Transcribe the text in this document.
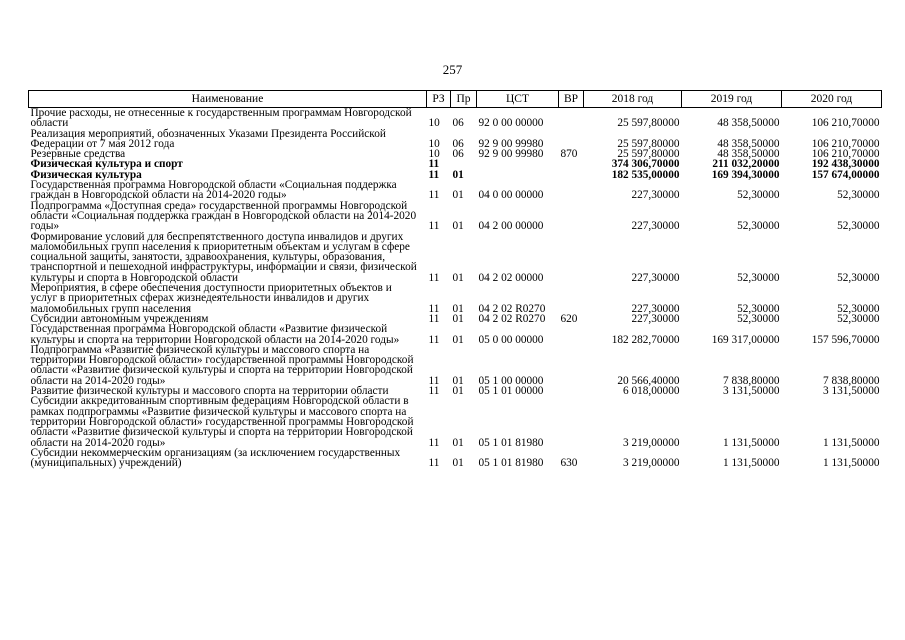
257
Наименование	РЗ	Пр	ЦСТ	ВР	2018 год	2019 год	2020 год
Прочие расходы, не отнесенные к государственным программам Новгородской области	10	06	92 0 00 00000		25 597,80000	48 358,50000	106 210,70000
Реализация мероприятий, обозначенных Указами Президента Российской Федерации от 7 мая 2012 года	10	06	92 9 00 99980		25 597,80000	48 358,50000	106 210,70000
Резервные средства	10	06	92 9 00 99980	870	25 597,80000	48 358,50000	106 210,70000
Физическая культура и спорт	11				374 306,70000	211 032,20000	192 438,30000
Физическая культура	11	01			182 535,00000	169 394,30000	157 674,00000
Государственная программа Новгородской области «Социальная поддержка граждан в Новгородской области на 2014-2020 годы»	11	01	04 0 00 00000		227,30000	52,30000	52,30000
Подпрограмма «Доступная среда» государственной программы Новгородской области «Социальная поддержка граждан в Новгородской области на 2014-2020 годы»	11	01	04 2 00 00000		227,30000	52,30000	52,30000
Формирование условий для беспрепятственного доступа инвалидов и других маломобильных групп населения к приоритетным объектам и услугам в сфере социальной защиты, занятости, здравоохранения, культуры, образования, транспортной и пешеходной инфраструктуры, информации и связи, физической культуры и спорта в Новгородской области	11	01	04 2 02 00000		227,30000	52,30000	52,30000
Мероприятия, в сфере обеспечения доступности приоритетных объектов и услуг в приоритетных сферах жизнедеятельности инвалидов и других маломобильных групп населения	11	01	04 2 02 R0270		227,30000	52,30000	52,30000
Субсидии автономным учреждениям	11	01	04 2 02 R0270	620	227,30000	52,30000	52,30000
Государственная программа Новгородской области «Развитие физической культуры и спорта на территории Новгородской области на 2014-2020 годы»	11	01	05 0 00 00000		182 282,70000	169 317,00000	157 596,70000
Подпрограмма «Развитие физической культуры и массового спорта на территории Новгородской области» государственной программы Новгородской области «Развитие физической культуры и спорта на территории Новгородской области на 2014-2020 годы»	11	01	05 1 00 00000		20 566,40000	7 838,80000	7 838,80000
Развитие физической культуры и массового спорта на территории области	11	01	05 1 01 00000		6 018,00000	3 131,50000	3 131,50000
Субсидии аккредитованным спортивным федерациям Новгородской области в рамках подпрограммы «Развитие физической культуры и массового спорта на территории Новгородской области» государственной программы Новгородской области «Развитие физической культуры и спорта на территории Новгородской области на 2014-2020 годы»	11	01	05 1 01 81980		3 219,00000	1 131,50000	1 131,50000
Субсидии некоммерческим организациям (за исключением государственных (муниципальных) учреждений)	11	01	05 1 01 81980	630	3 219,00000	1 131,50000	1 131,50000
